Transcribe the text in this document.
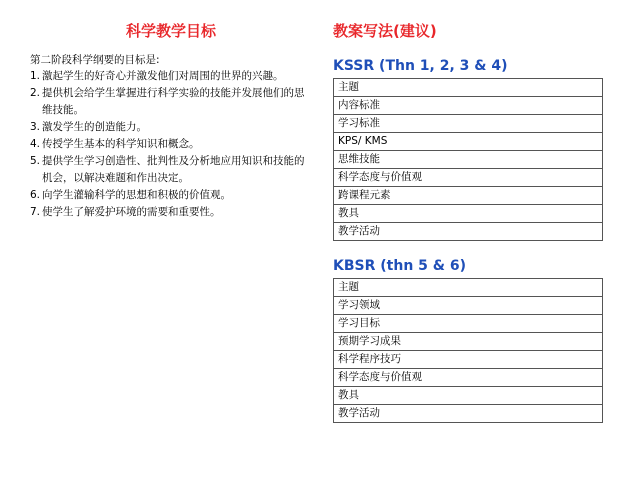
科学教学目标
第二阶段科学纲要的目标是:
1. 激起学生的好奇心并激发他们对周围的世界的兴趣。
2. 提供机会给学生掌握进行科学实验的技能并发展他们的思维技能。
3. 激发学生的创造能力。
4. 传授学生基本的科学知识和概念。
5. 提供学生学习创造性、批判性及分析地应用知识和技能的机会，以解决难题和作出决定。
6. 向学生灌输科学的思想和积极的价值观。
7. 使学生了解爱护环境的需要和重要性。
教案写法(建议)
KSSR (Thn 1, 2, 3 & 4)
主题
内容标准
学习标准
KPS/ KMS
思维技能
科学态度与价值观
跨课程元素
教具
教学活动
KBSR (thn 5 & 6)
主题
学习领域
学习目标
预期学习成果
科学程序技巧
科学态度与价值观
教具
教学活动
